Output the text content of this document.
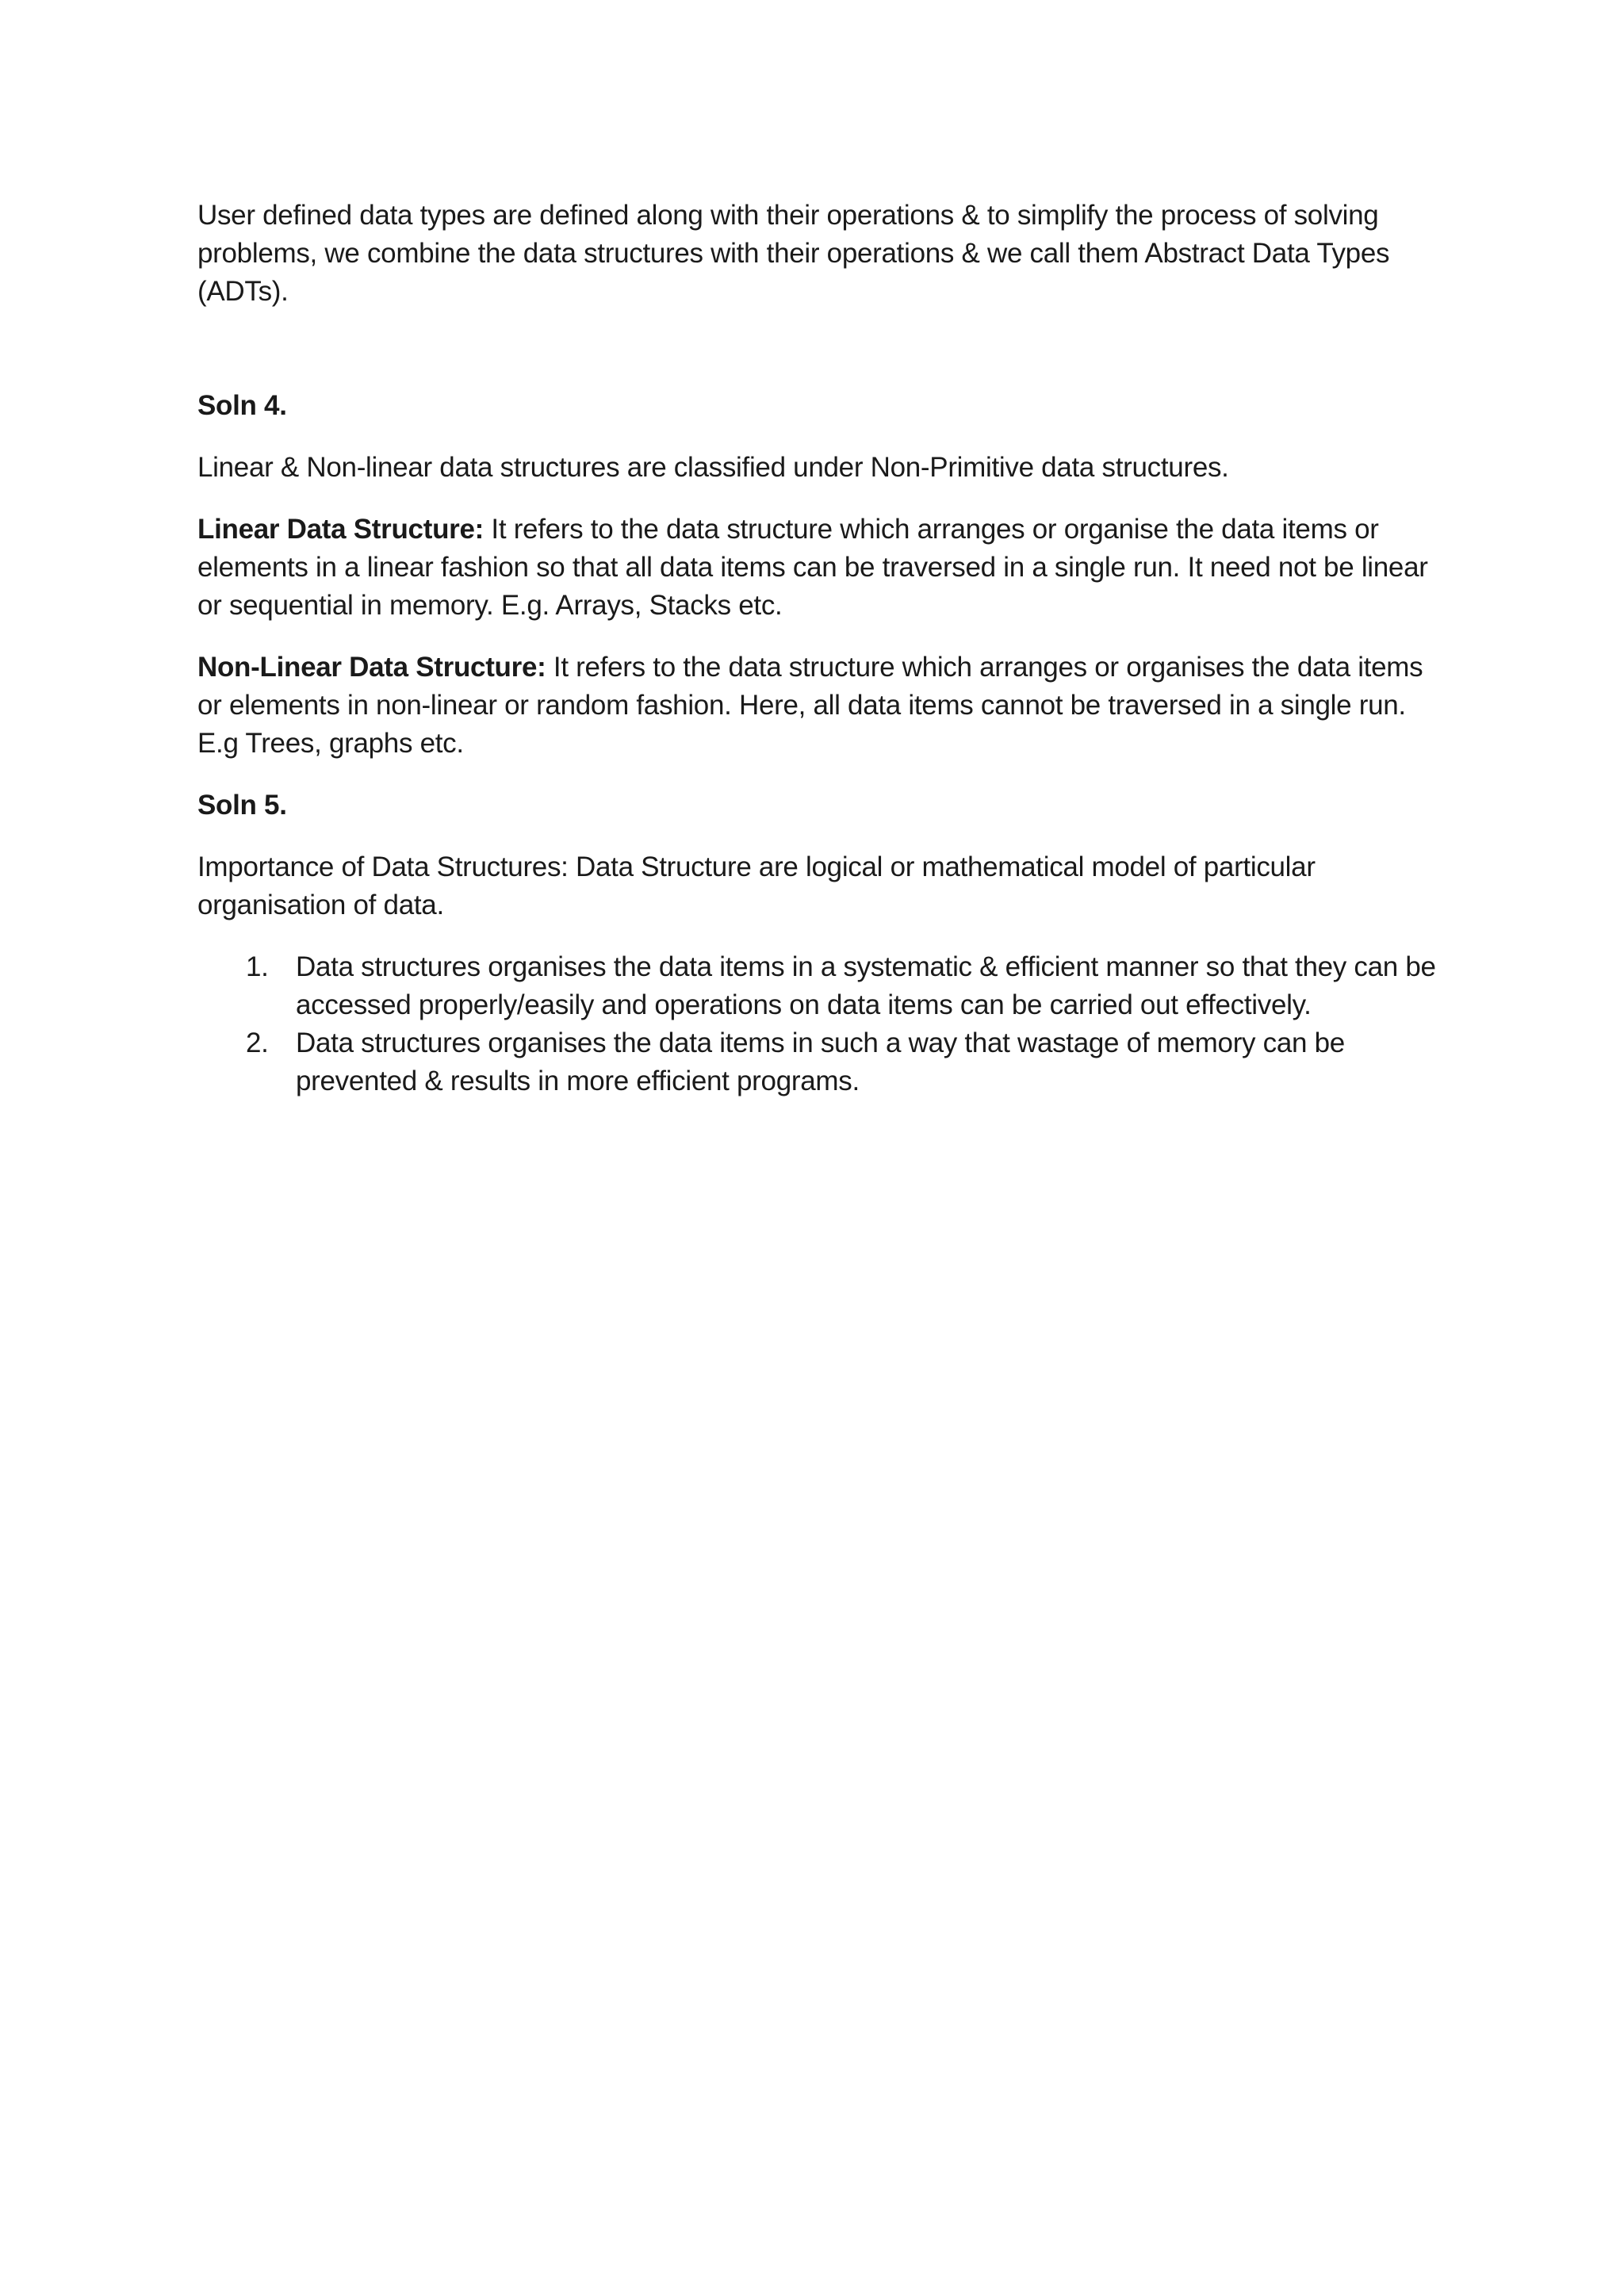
User defined data types are defined along with their operations & to simplify the process of solving problems, we combine the data structures with their operations & we call them Abstract Data Types (ADTs).

Soln 4.

Linear & Non-linear data structures are classified under Non-Primitive data structures.

Linear Data Structure: It refers to the data structure which arranges or organise the data items or elements in a linear fashion so that all data items can be traversed in a single run. It need not be linear or sequential in memory. E.g. Arrays, Stacks etc.

Non-Linear Data Structure: It refers to the data structure which arranges or organises the data items or elements in non-linear or random fashion. Here, all data items cannot be traversed in a single run. E.g Trees, graphs etc.

Soln 5.

Importance of Data Structures: Data Structure are logical or mathematical model of particular organisation of data.

1. Data structures organises the data items in a systematic & efficient manner so that they can be accessed properly/easily and operations on data items can be carried out effectively.
2. Data structures organises the data items in such a way that wastage of memory can be prevented & results in more efficient programs.
